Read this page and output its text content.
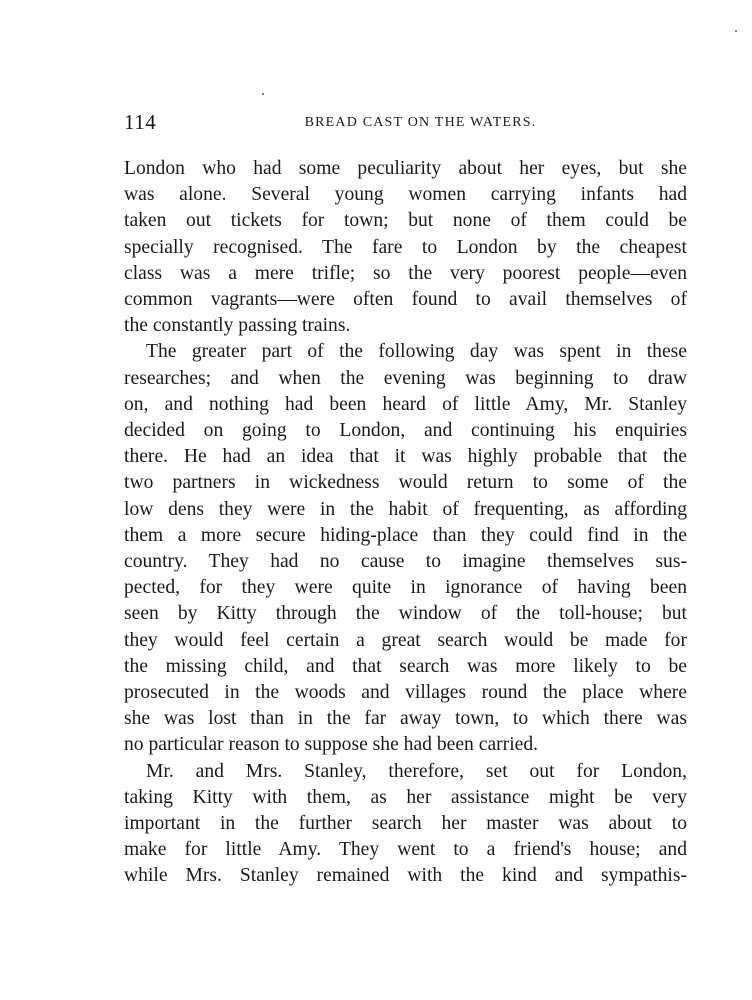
114	BREAD CAST ON THE WATERS.
London who had some peculiarity about her eyes, but she
was alone. Several young women carrying infants had
taken out tickets for town; but none of them could be
specially recognised. The fare to London by the cheapest
class was a mere trifle; so the very poorest people—even
common vagrants—were often found to avail themselves of
the constantly passing trains.
The greater part of the following day was spent in these
researches; and when the evening was beginning to draw
on, and nothing had been heard of little Amy, Mr. Stanley
decided on going to London, and continuing his enquiries
there. He had an idea that it was highly probable that the
two partners in wickedness would return to some of the
low dens they were in the habit of frequenting, as affording
them a more secure hiding-place than they could find in the
country. They had no cause to imagine themselves sus-
pected, for they were quite in ignorance of having been
seen by Kitty through the window of the toll-house; but
they would feel certain a great search would be made for
the missing child, and that search was more likely to be
prosecuted in the woods and villages round the place where
she was lost than in the far away town, to which there was
no particular reason to suppose she had been carried.
Mr. and Mrs. Stanley, therefore, set out for London,
taking Kitty with them, as her assistance might be very
important in the further search her master was about to
make for little Amy. They went to a friend's house; and
while Mrs. Stanley remained with the kind and sympathis-
